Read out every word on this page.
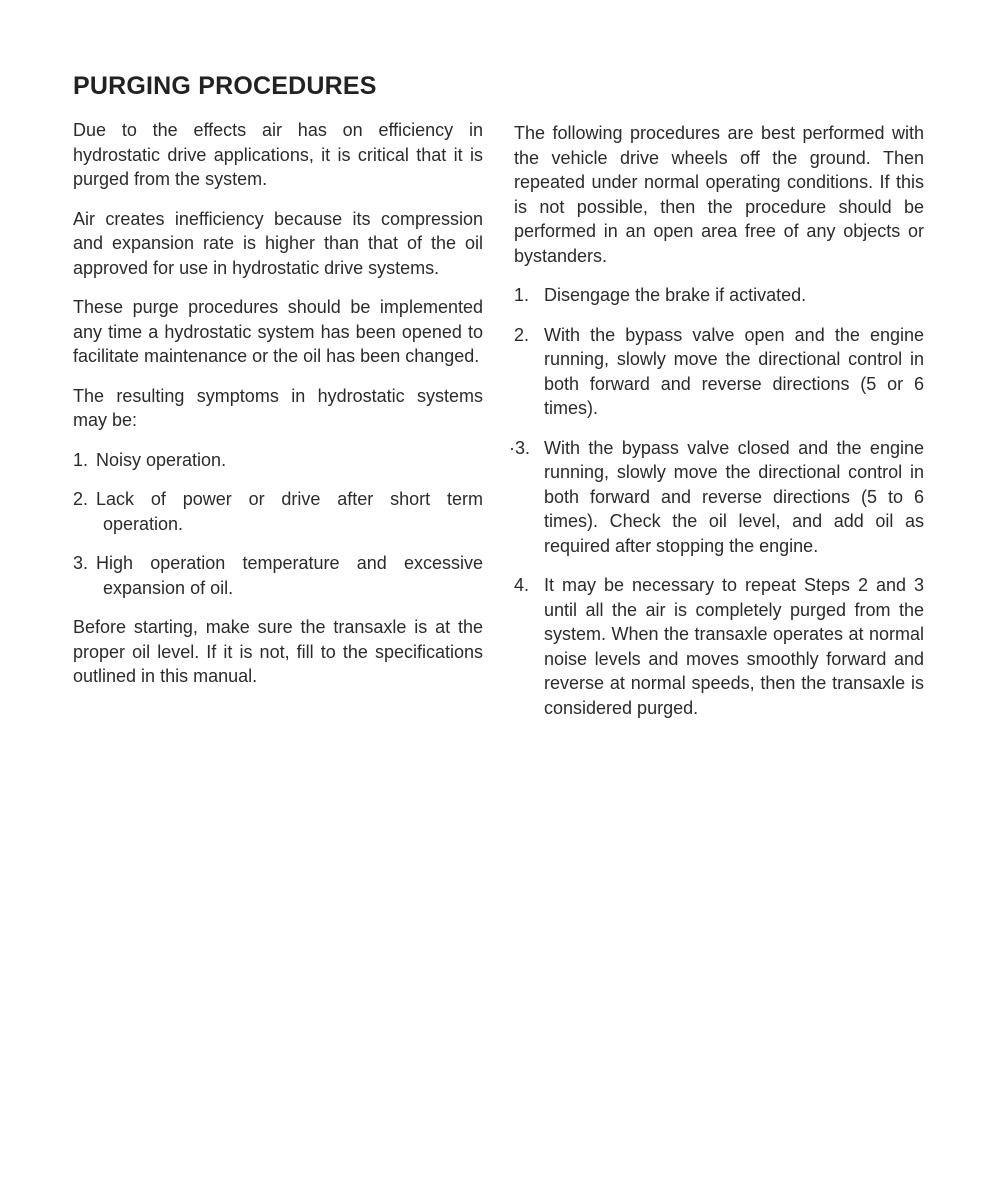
PURGING PROCEDURES

Due to the effects air has on efficiency in hydrostatic drive applications, it is critical that it is purged from the system.

Air creates inefficiency because its compression and expansion rate is higher than that of the oil approved for use in hydrostatic drive systems.

These purge procedures should be implemented any time a hydrostatic system has been opened to facilitate maintenance or the oil has been changed.

The resulting symptoms in hydrostatic systems may be:

1. Noisy operation.
2. Lack of power or drive after short term operation.
3. High operation temperature and excessive expansion of oil.

Before starting, make sure the transaxle is at the proper oil level. If it is not, fill to the specifications outlined in this manual.

The following procedures are best performed with the vehicle drive wheels off the ground. Then repeated under normal operating conditions. If this is not possible, then the procedure should be performed in an open area free of any objects or bystanders.

1. Disengage the brake if activated.
2. With the bypass valve open and the engine running, slowly move the directional control in both forward and reverse directions (5 or 6 times).
·3. With the bypass valve closed and the engine running, slowly move the directional control in both forward and reverse directions (5 to 6 times). Check the oil level, and add oil as required after stopping the engine.
4. It may be necessary to repeat Steps 2 and 3 until all the air is completely purged from the system. When the transaxle operates at normal noise levels and moves smoothly forward and reverse at normal speeds, then the transaxle is considered purged.
